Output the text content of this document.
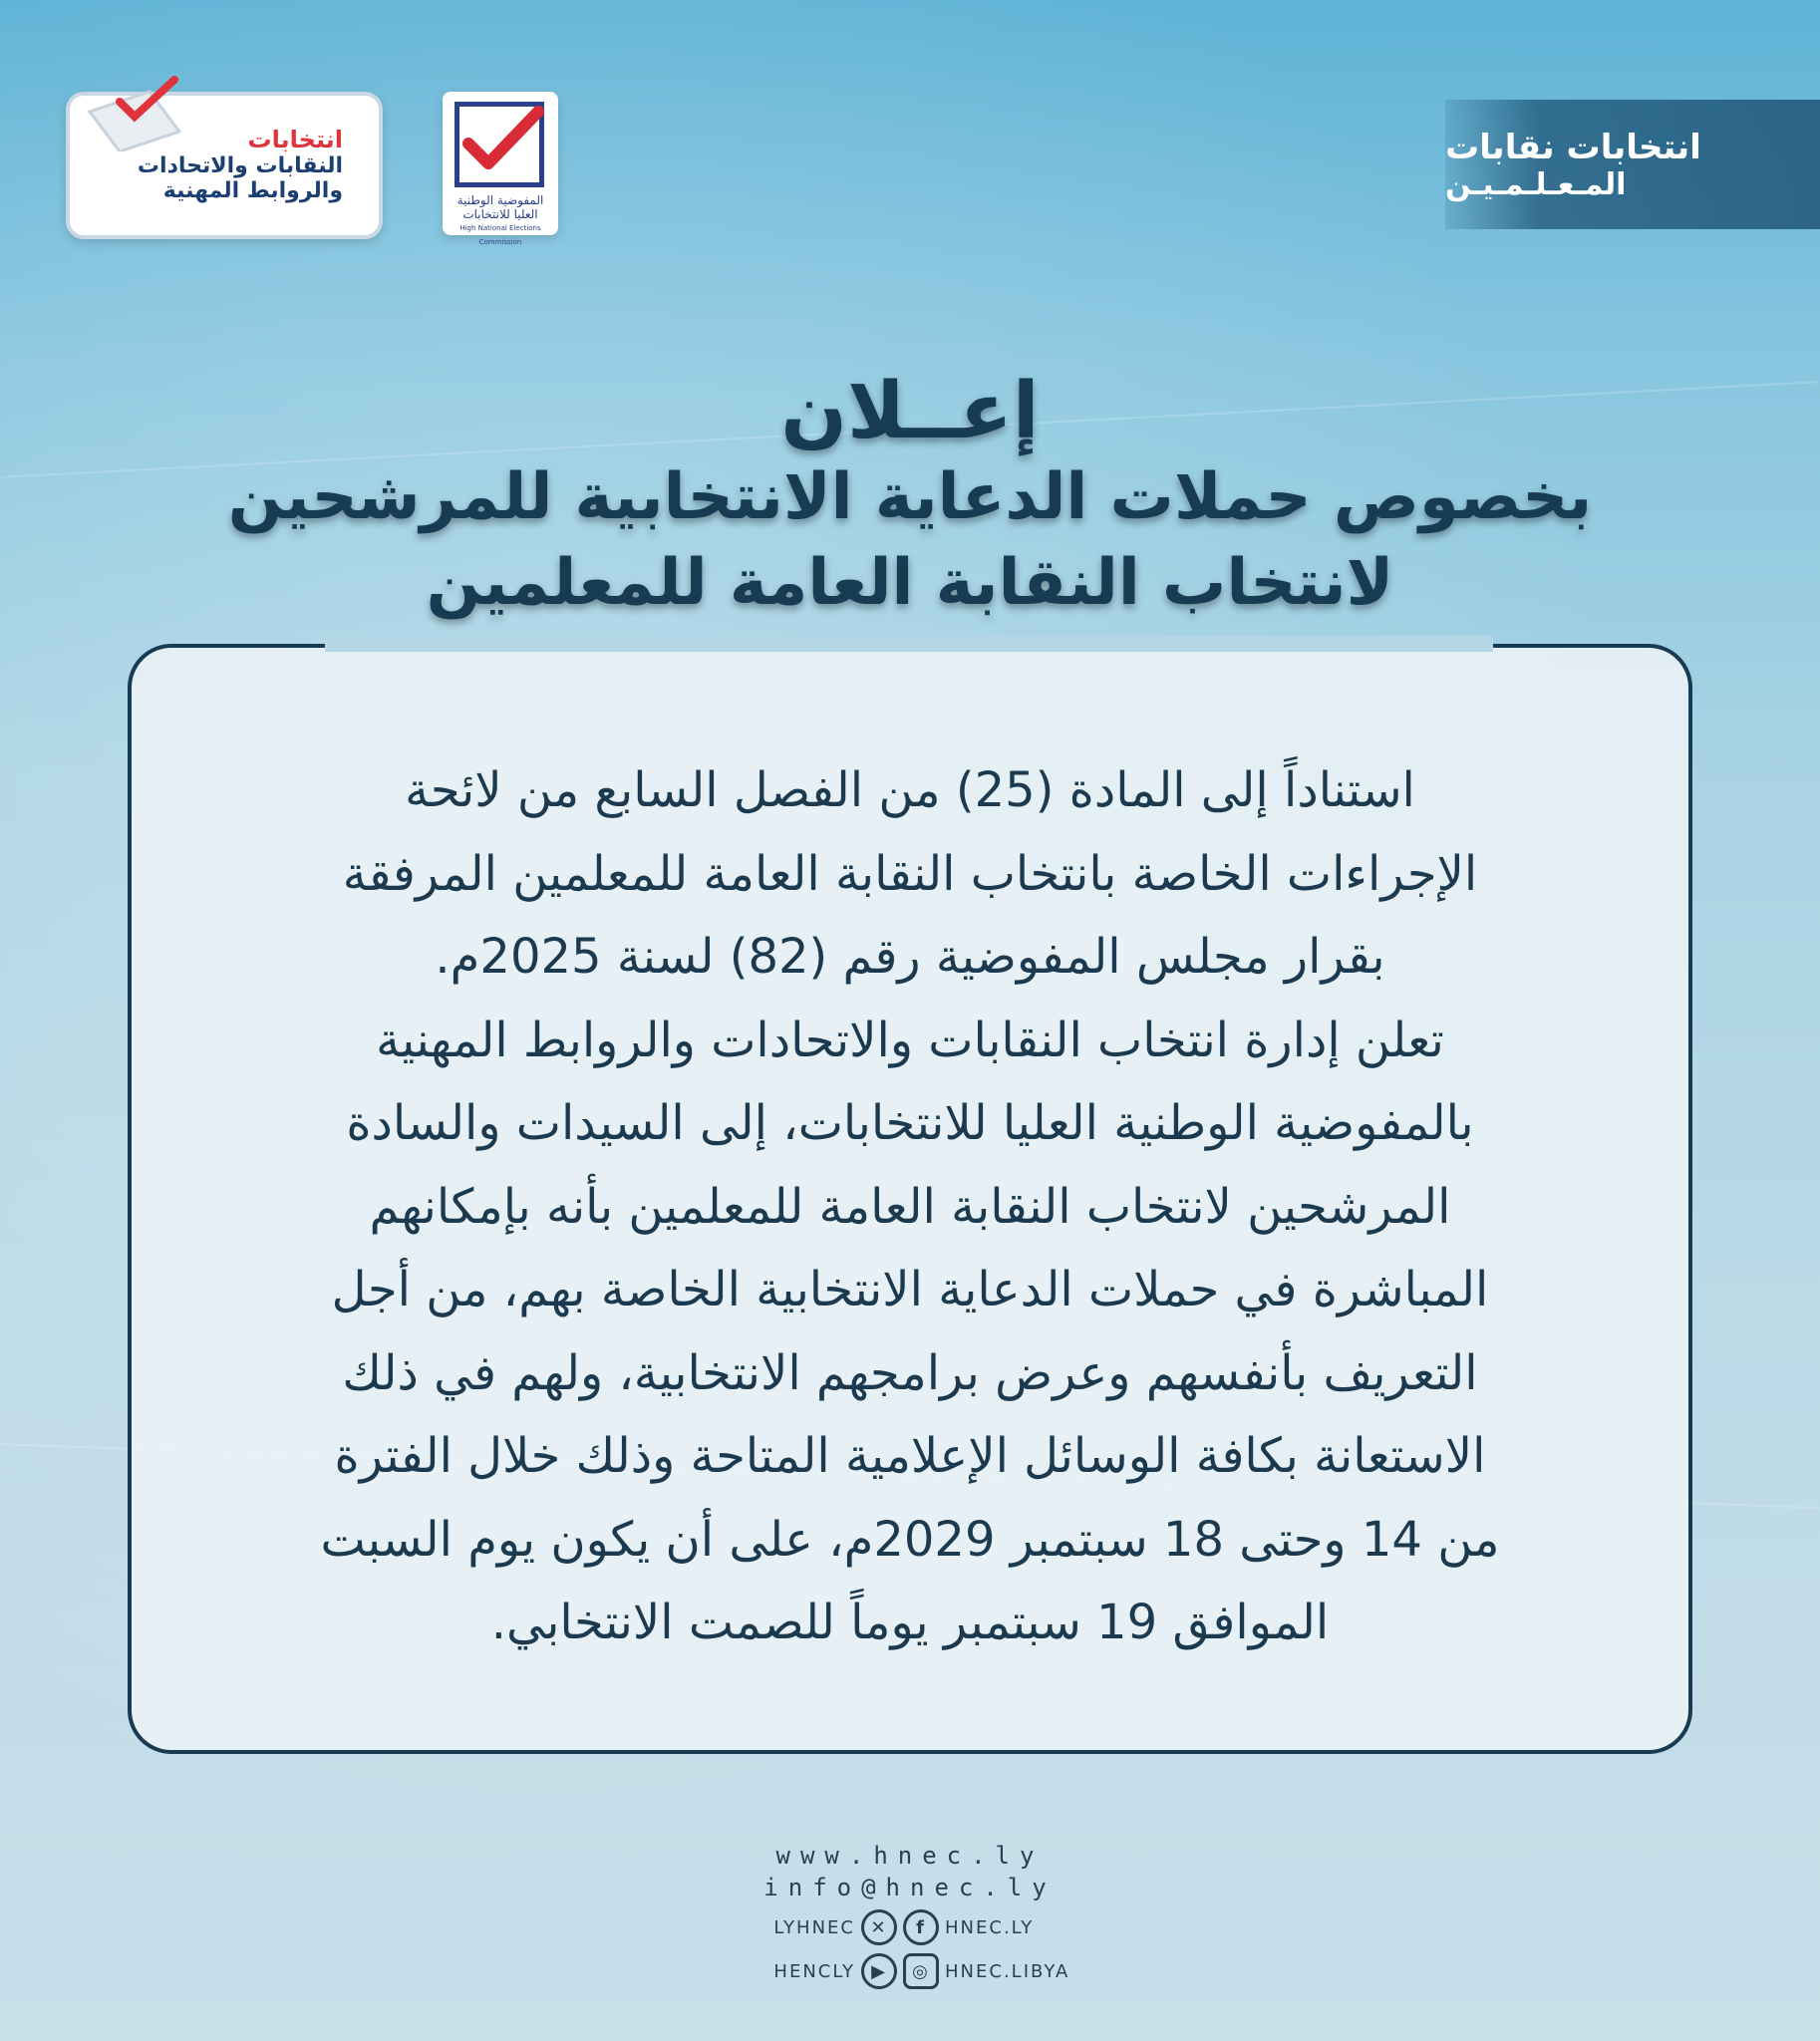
انتخابات نقابات
المـعـلـمـيـن
انتخابات
النقابات والاتحادات
والروابط المهنية	المفوضية الوطنية
العليا للانتخابات
High National Elections Commission
إعــلان
بخصوص حملات الدعاية الانتخابية للمرشحين
لانتخاب النقابة العامة للمعلمين
استناداً إلى المادة (25) من الفصل السابع من لائحة
الإجراءات الخاصة بانتخاب النقابة العامة للمعلمين المرفقة
بقرار مجلس المفوضية رقم (82) لسنة 2025م.
تعلن إدارة انتخاب النقابات والاتحادات والروابط المهنية
بالمفوضية الوطنية العليا للانتخابات، إلى السيدات والسادة
المرشحين لانتخاب النقابة العامة للمعلمين بأنه بإمكانهم
المباشرة في حملات الدعاية الانتخابية الخاصة بهم، من أجل
التعريف بأنفسهم وعرض برامجهم الانتخابية، ولهم في ذلك
الاستعانة بكافة الوسائل الإعلامية المتاحة وذلك خلال الفترة
من 14 وحتى 18 سبتمبر 2029م، على أن يكون يوم السبت
الموافق 19 سبتمبر يوماً للصمت الانتخابي.
www.hnec.ly
info@hnec.ly
LYHNEC ✕	f	HNEC.LY
HENCLY ▶	◎ HNEC.LIBYA
